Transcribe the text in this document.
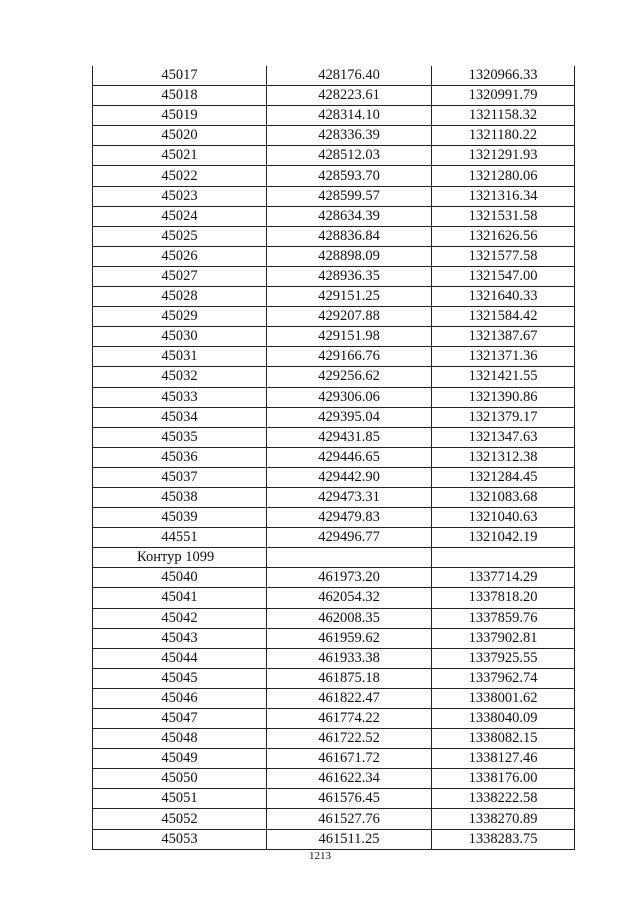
45017	428176.40	1320966.33
45018	428223.61	1320991.79
45019	428314.10	1321158.32
45020	428336.39	1321180.22
45021	428512.03	1321291.93
45022	428593.70	1321280.06
45023	428599.57	1321316.34
45024	428634.39	1321531.58
45025	428836.84	1321626.56
45026	428898.09	1321577.58
45027	428936.35	1321547.00
45028	429151.25	1321640.33
45029	429207.88	1321584.42
45030	429151.98	1321387.67
45031	429166.76	1321371.36
45032	429256.62	1321421.55
45033	429306.06	1321390.86
45034	429395.04	1321379.17
45035	429431.85	1321347.63
45036	429446.65	1321312.38
45037	429442.90	1321284.45
45038	429473.31	1321083.68
45039	429479.83	1321040.63
44551	429496.77	1321042.19
Контур 1099		
45040	461973.20	1337714.29
45041	462054.32	1337818.20
45042	462008.35	1337859.76
45043	461959.62	1337902.81
45044	461933.38	1337925.55
45045	461875.18	1337962.74
45046	461822.47	1338001.62
45047	461774.22	1338040.09
45048	461722.52	1338082.15
45049	461671.72	1338127.46
45050	461622.34	1338176.00
45051	461576.45	1338222.58
45052	461527.76	1338270.89
45053	461511.25	1338283.75
1213
